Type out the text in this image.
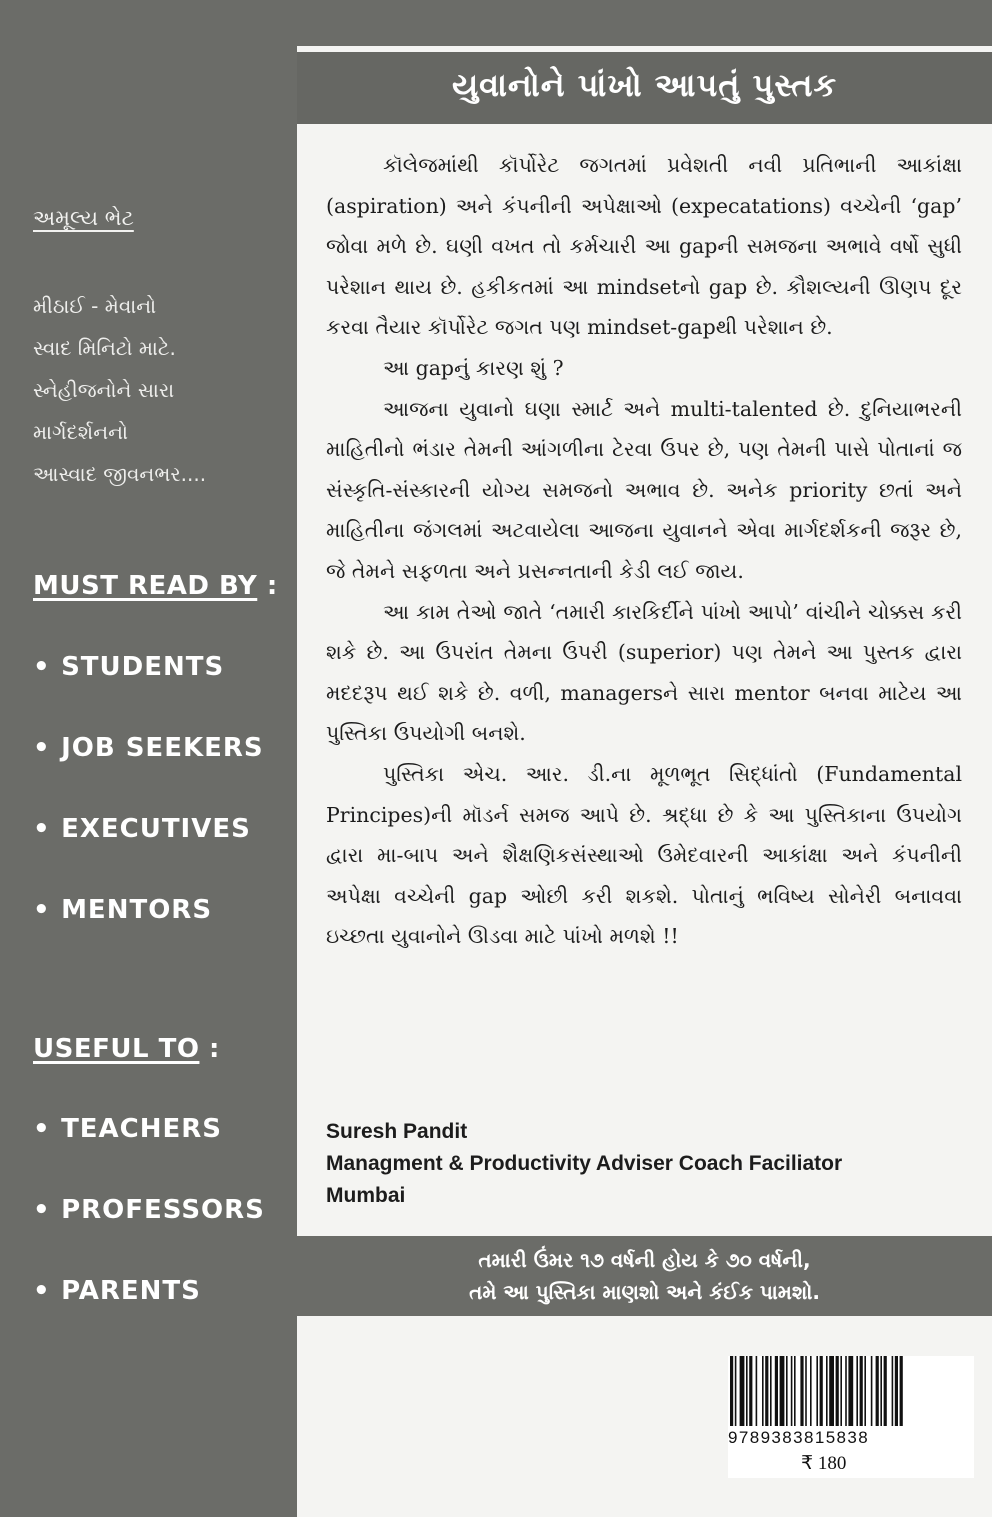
અમૂલ્ય ભેટ
મીઠાઈ - મેવાનો
સ્વાદ મિનિટો માટે.
સ્નેહીજનોને સારા
માર્ગદર્શનનો
આસ્વાદ જીવનભર....
MUST READ BY :
• STUDENTS
• JOB SEEKERS
• EXECUTIVES
• MENTORS
USEFUL TO :
• TEACHERS
• PROFESSORS
• PARENTS
યુવાનોને પાંખો આપતું પુસ્તક

કૉલેજમાંથી કૉર્પોરેટ જગતમાં પ્રવેશતી નવી પ્રતિભાની આકાંક્ષા (aspiration) અને કંપનીની અપેક્ષાઓ (expecatations) વચ્ચેની ‘gap’ જોવા મળે છે. ઘણી વખત તો કર્મચારી આ gapની સમજના અભાવે વર્ષો સુધી પરેશાન થાય છે. હકીકતમાં આ mindsetનો gap છે. કૌશલ્યની ઊણપ દૂર કરવા તૈયાર કૉર્પોરેટ જગત પણ mindset-gapથી પરેશાન છે.

આ gapનું કારણ શું ?

આજના યુવાનો ઘણા સ્માર્ટ અને multi-talented છે. દુનિયાભરની માહિતીનો ભંડાર તેમની આંગળીના ટેરવા ઉપર છે, પણ તેમની પાસે પોતાનાં જ સંસ્કૃતિ-સંસ્કારની યોગ્ય સમજનો અભાવ છે. અનેક priority છતાં અને માહિતીના જંગલમાં અટવાયેલા આજના યુવાનને એવા માર્ગદર્શકની જરૂર છે, જે તેમને સફળતા અને પ્રસન્નતાની કેડી લઈ જાય.

આ કામ તેઓ જાતે ‘તમારી કારકિર્દીને પાંખો આપો’ વાંચીને ચોક્કસ કરી શકે છે. આ ઉપરાંત તેમના ઉપરી (superior) પણ તેમને આ પુસ્તક દ્વારા મદદરૂપ થઈ શકે છે. વળી, managersને સારા mentor બનવા માટેય આ પુસ્તિકા ઉપયોગી બનશે.

પુસ્તિકા એચ. આર. ડી.ના મૂળભૂત સિદ્ધાંતો (Fundamental Principes)ની મૉડર્ન સમજ આપે છે. શ્રદ્ધા છે કે આ પુસ્તિકાના ઉપયોગ દ્વારા મા-બાપ અને શૈક્ષણિકસંસ્થાઓ ઉમેદવારની આકાંક્ષા અને કંપનીની અપેક્ષા વચ્ચેની gap ઓછી કરી શકશે. પોતાનું ભવિષ્ય સોનેરી બનાવવા ઇચ્છતા યુવાનોને ઊડવા માટે પાંખો મળશે !!

Suresh Pandit
Managment & Productivity Adviser Coach Faciliator
Mumbai
તમારી ઉંમર ૧૭ વર્ષની હોય કે ૭૦ વર્ષની,
તમે આ પુસ્તિકા માણશો અને કંઈક પામશો.
9789383815838
₹ 180
